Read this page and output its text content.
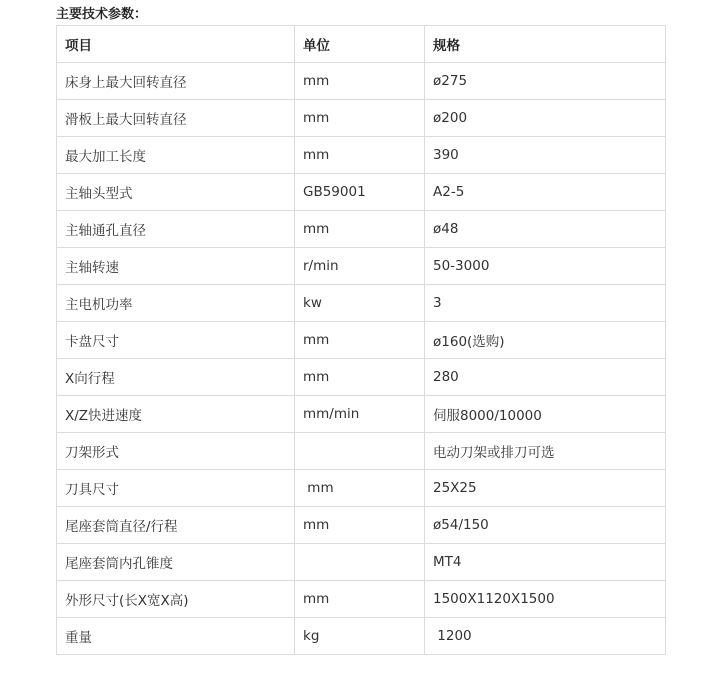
主要技术参数：
项目	单位	规格
床身上最大回转直径	mm	ø275
滑板上最大回转直径	mm	ø200
最大加工长度	mm	390
主轴头型式	GB59001	A2-5
主轴通孔直径	mm	ø48
主轴转速	r/min	50-3000
主电机功率	kw	3
卡盘尺寸	mm	ø160(选购)
X向行程	mm	280
X/Z快进速度	mm/min	伺服8000/10000
刀架形式		电动刀架或排刀可选
刀具尺寸	mm	25X25
尾座套筒直径/行程	mm	ø54/150
尾座套筒内孔锥度		MT4
外形尺寸(长X宽X高)	mm	1500X1120X1500
重量	kg	1200
